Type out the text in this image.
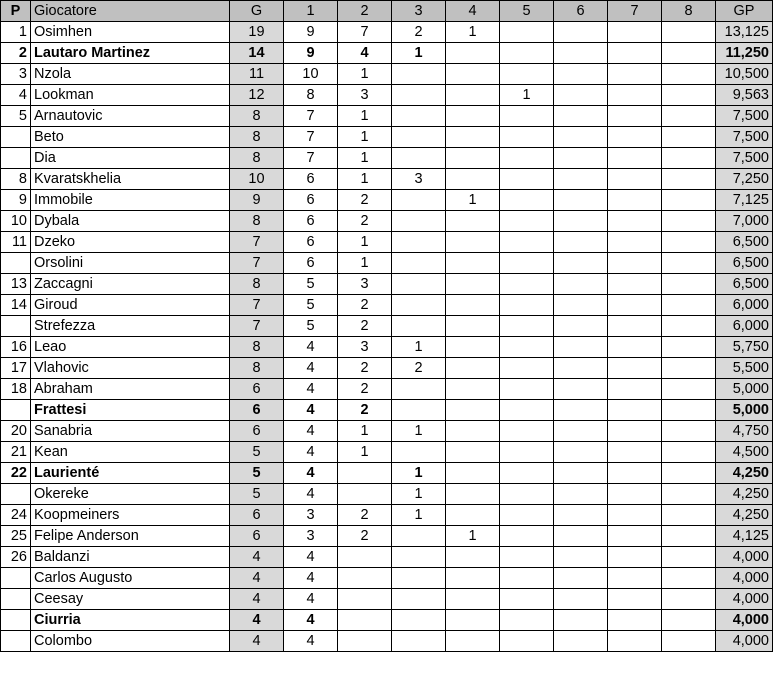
P	Giocatore	G	1	2	3	4	5	6	7	8	GP
1	Osimhen	19	9	7	2	1					13,125
2	Lautaro Martinez	14	9	4	1						11,250
3	Nzola	11	10	1							10,500
4	Lookman	12	8	3			1				9,563
5	Arnautovic	8	7	1							7,500
	Beto	8	7	1							7,500
	Dia	8	7	1							7,500
8	Kvaratskhelia	10	6	1	3						7,250
9	Immobile	9	6	2		1					7,125
10	Dybala	8	6	2							7,000
11	Dzeko	7	6	1							6,500
	Orsolini	7	6	1							6,500
13	Zaccagni	8	5	3							6,500
14	Giroud	7	5	2							6,000
	Strefezza	7	5	2							6,000
16	Leao	8	4	3	1						5,750
17	Vlahovic	8	4	2	2						5,500
18	Abraham	6	4	2							5,000
	Frattesi	6	4	2							5,000
20	Sanabria	6	4	1	1						4,750
21	Kean	5	4	1							4,500
22	Laurienté	5	4		1						4,250
	Okereke	5	4		1						4,250
24	Koopmeiners	6	3	2	1						4,250
25	Felipe Anderson	6	3	2		1					4,125
26	Baldanzi	4	4								4,000
	Carlos Augusto	4	4								4,000
	Ceesay	4	4								4,000
	Ciurria	4	4								4,000
	Colombo	4	4								4,000
